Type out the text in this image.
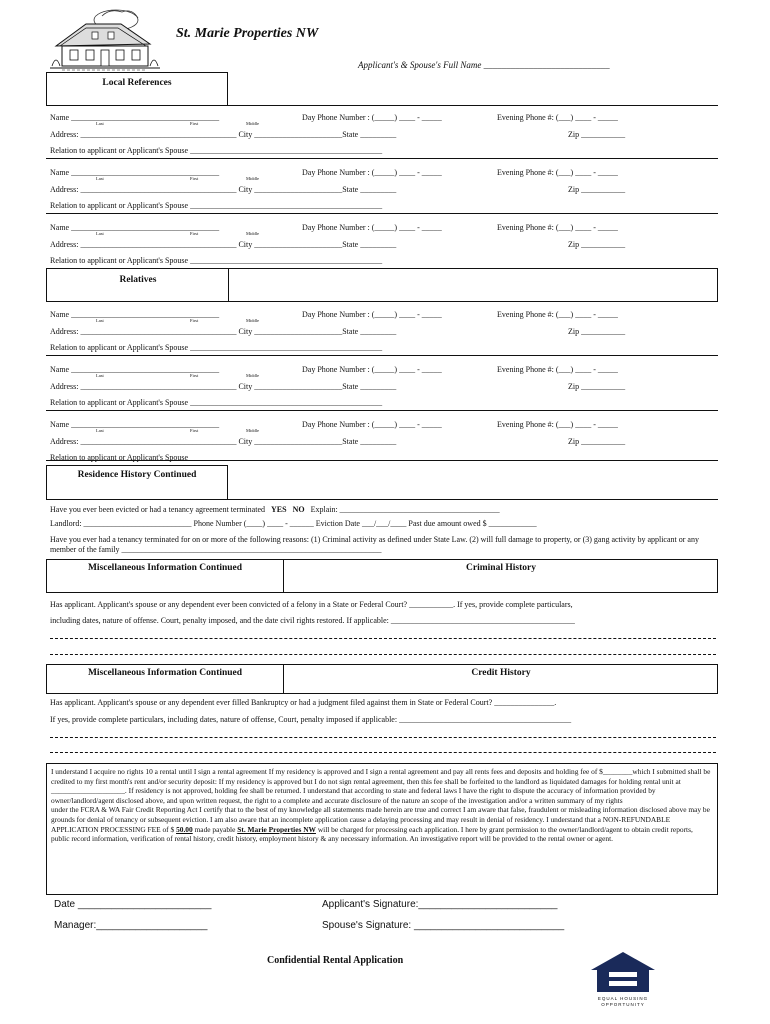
St. Marie Properties NW
Applicant's & Spouse's Full Name ____________________________
Local References
Name _____________________________________
Last	First	Middle
Day Phone Number : (_____) ____ - _____	Evening Phone #: (___) ____ - _____
Address: _______________________________________ City ______________________State _________	Zip ___________
Relation to applicant or Applicant's Spouse ________________________________________________
Name _____________________________________
Last	First	Middle
Day Phone Number : (_____) ____ - _____	Evening Phone #: (___) ____ - _____
Address: _______________________________________ City ______________________State _________	Zip ___________
Relation to applicant or Applicant's Spouse ________________________________________________
Name _____________________________________
Last	First	Middle
Day Phone Number : (_____) ____ - _____	Evening Phone #: (___) ____ - _____
Address: _______________________________________ City ______________________State _________	Zip ___________
Relation to applicant or Applicant's Spouse ________________________________________________
Name _____________________________________
Last	First	Middle
Day Phone Number : (_____) ____ - _____	Evening Phone #: (___) ____ - _____
Address: _______________________________________ City ______________________State _________	Zip ___________
Relation to applicant or Applicant's Spouse ________________________________________________
Name _____________________________________
Last	First	Middle
Day Phone Number : (_____) ____ - _____	Evening Phone #: (___) ____ - _____
Address: _______________________________________ City ______________________State _________	Zip ___________
Relation to applicant or Applicant's Spouse ________________________________________________
Name _____________________________________
Last	First	Middle
Day Phone Number : (_____) ____ - _____	Evening Phone #: (___) ____ - _____
Address: _______________________________________ City ______________________State _________	Zip ___________
Relation to applicant or Applicant's Spouse ________________________________________________
Relatives
Residence History Continued
Have you ever been evicted or had a tenancy agreement terminated YES NO Explain: ________________________________________
Landlord: ___________________________ Phone Number (____) ____ - ______ Eviction Date ___/___/____ Past due amount owed $ ____________
Have you ever had a tenancy terminated for on or more of the following reasons: (1) Criminal activity as defined under State Law. (2) will full damage to property, or (3) gang activity by applicant or any member of the family _________________________________________________________________
Miscellaneous Information Continued	Criminal History
Has applicant. Applicant's spouse or any dependent ever been convicted of a felony in a State or Federal Court? ___________. If yes, provide complete particulars,
including dates, nature of offense. Court, penalty imposed, and the date civil rights restored. If applicable: ______________________________________________
Miscellaneous Information Continued	Credit History
Has applicant. Applicant's spouse or any dependent ever filled Bankruptcy or had a judgment filed against them in State or Federal Court? _______________.
If yes, provide complete particulars, including dates, nature of offense, Court, penalty imposed if applicable: ___________________________________________
I understand I acquire no rights 10 a rental until I sign a rental agreement If my residency is approved and I sign a rental agreement and pay all rents fees and deposits and holding fee of $________which I submitted shall be credited to my first month's rent and/or security deposit: If my residency is approved but I do not sign rental agreement, then this fee shall be forfeited to the landlord as liquidated damages for holding rental unit at ____________________. If residency is not approved, holding fee shall be returned. I understand that according to state and federal laws I have the right to dispute the accuracy of information provided by owner/landlord/agent disclosed above, and upon written request, the right to a complete and accurate disclosure of the nature an scope of the investigation and/or a written summary of my rights
under the FCRA & WA Fair Credit Reporting Act I certify that to the best of my knowledge all statements made herein are true and correct I am aware that false, fraudulent or misleading information disclosed above may be grounds for denial of tenancy or subsequent eviction. I am also aware that an incomplete application cause a delaying processing and may result in denial of residency. I understand that a NON-REFUNDABLE APPLICATION PROCESSING FEE of $ 50.00 made payable St. Marie Properties NW will be charged for processing each application. I here by grant permission to the owner/landlord/agent to obtain credit reports, public record information, verification of rental history, credit history, employment history & any necessary information. An investigative report will be provided to the rental owner or agent.
Date ________________________	Applicant's Signature:_________________________
Manager:____________________	Spouse's Signature: ___________________________
Confidential Rental Application
EQUAL HOUSING OPPORTUNITY
